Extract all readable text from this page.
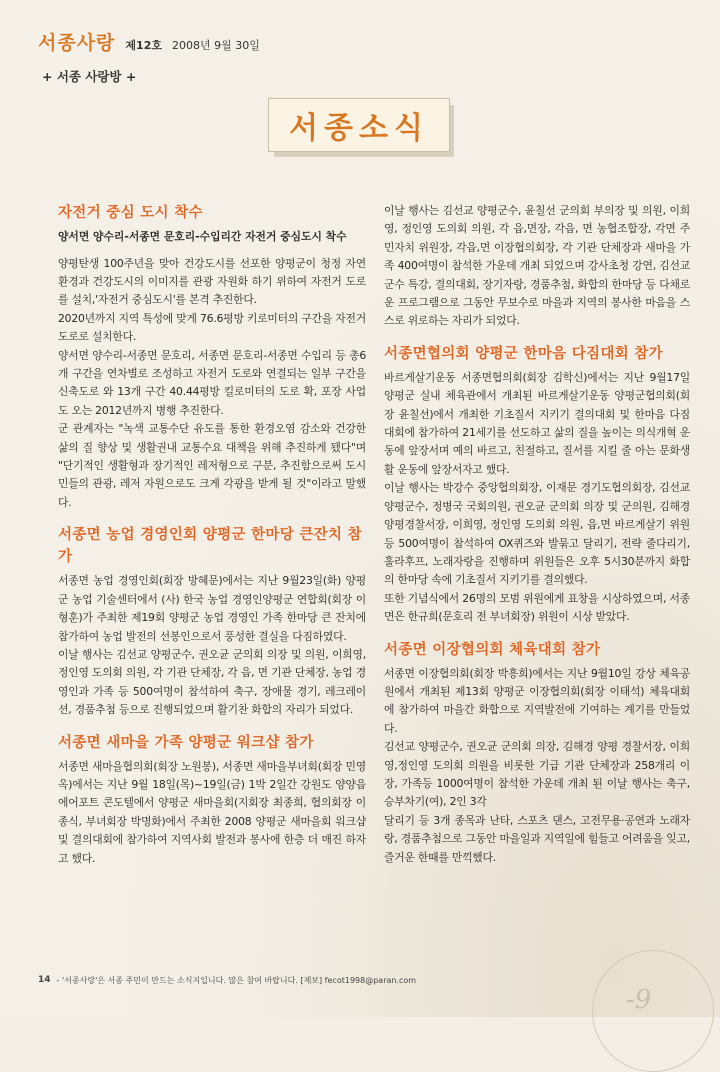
서종사랑 제12호 2008년 9월 30일
+ 서종 사랑방 +
서종소식
자전거 중심 도시 착수

양서면 양수리-서종면 문호리-수입리간 자전거 중심도시 착수

양평탄생 100주년을 맞아 건강도시를 선포한 양평군이 청정 자연환경과 건강도시의 이미지를 관광 자원화 하기 위하여 자전거 도로를 설치,'자전거 중심도시'를 본격 추진한다.

2020년까지 지역 특성에 맞게 76.6평방 키로미터의 구간을 자전거 도로로 설치한다.

양서면 양수리-서종면 문호리, 서종면 문호리-서종면 수입리 등 총6개 구간을 연차별로 조성하고 자전거 도로와 연결되는 일부 구간을 신축도로 와 13개 구간 40.44평방 킬로미터의 도로 확, 포장 사업도 오는 2012년까지 병행 추진한다.

군 관계자는 "녹색 교통수단 유도를 통한 환경오염 감소와 건강한 삶의 질 향상 및 생활권내 교통수요 대책을 위해 추진하게 됐다"며 "단기적인 생활형과 장기적인 레저형으로 구분, 추진함으로써 도시민들의 관광, 레저 자원으로도 크게 각광을 받게 될 것"이라고 말했다.

서종면 농업 경영인회 양평군 한마당 큰잔치 참가

서종면 농업 경영인회(회장 방혜문)에서는 지난 9월23일(화) 양평군 농업 기술센터에서 (사) 한국 농업 경영인양평군 연합회(회장 이형훈)가 주최한 제19회 양평군 농업 경영인 가족 한마당 큰 잔치에 참가하여 농업 발전의 선봉인으로서 풍성한 결실을 다짐하였다.

이날 행사는 김선교 양평군수, 권오균 군의회 의장 및 의원, 이희영, 정인영 도의회 의원, 각 기관 단체장, 각 읍, 면 기관 단체장, 농업 경영인과 가족 등 500여명이 참석하여 축구, 장애물 경기, 레크레이션, 경품추첨 등으로 진행되었으며 활기찬 화합의 자리가 되었다.

서종면 새마을 가족 양평군 워크샵 참가

서종면 새마을협의회(회장 노원봉), 서종면 새마을부녀회(회장 민영옥)에서는 지난 9월 18일(목)~19일(금) 1박 2일간 강원도 양양읍 에어포트 콘도텔에서 양평군 새마을회(지회장 최종희, 협의회장 이종식, 부녀회장 박명화)에서 주최한 2008 양평군 새마을회 워크샵 및 결의대회에 참가하여 지역사회 발전과 봉사에 한층 더 매진 하자고 했다.

이날 행사는 김선교 양평군수, 윤칠선 군의회 부의장 및 의원, 이희영, 정인영 도의회 의원, 각 읍,면장, 각읍, 면 농협조합장, 각면 주민자치 위원장, 각읍,면 이장협의회장, 각 기관 단체장과 새마을 가족 400여명이 참석한 가운데 개최 되었으며 강사초청 강연, 김선교 군수 특강, 결의대회, 장기자랑, 경품추첨, 화합의 한마당 등 다채로운 프로그램으로 그동안 무보수로 마을과 지역의 봉사한 마음을 스스로 위로하는 자리가 되었다.

서종면협의회 양평군 한마음 다짐대회 참가

바르게살기운동 서종면협의회(회장 김학신)에서는 지난 9월17일 양평군 실내 체육관에서 개최된 바르게살기운동 양평군협의회(회장 윤칠선)에서 개최한 기초질서 지키기 결의대회 및 한마음 다짐대회에 참가하여 21세기를 선도하고 삶의 질을 높이는 의식개혁 운동에 앞장서며 예의 바르고, 친절하고, 질서를 지킬 줄 아는 문화생활 운동에 앞장서자고 했다.

이날 행사는 박강수 중앙협의회장, 이재문 경기도협의회장, 김선교 양평군수, 정병국 국회의원, 권오균 군의회 의장 및 군의원, 김해경 양평경찰서장, 이희영, 정인영 도의회 의원, 읍,면 바르게살기 위원등 500여명이 참석하여 OX퀴즈와 발묶고 달리기, 전략 줄다리기, 훌라후프, 노래자랑을 진행하며 위원들은 오후 5시30분까지 화합의 한마당 속에 기초질서 지키기를 결의했다.

또한 기념식에서 26명의 모범 위원에게 표창을 시상하였으며, 서종면은 한규희(문호리 전 부녀회장) 위원이 시상 받았다.

서종면 이장협의회 체육대회 참가

서종면 이장협의회(회장 박흥희)에서는 지난 9월10일 강상 체육공원에서 개최된 제13회 양평군 이장협의회(회장 이태석) 체육대회에 참가하여 마을간 화합으로 지역발전에 기여하는 계기를 만들었다.

김선교 양평군수, 권오균 군의회 의장, 김해경 양평 경찰서장, 이희영,정인영 도의회 의원을 비롯한 기급 기관 단체장과 258개리 이장, 가족등 1000여명이 참석한 가운데 개최 된 이날 행사는 축구, 승부차기(여), 2인 3각

달리기 등 3개 종목과 난타, 스포츠 댄스, 고전무용·공연과 노래자랑, 경품추첨으로 그동안 마을일과 지역일에 힘들고 어려움을 잊고, 즐거운 한때를 만끽했다.

14 - '서종사랑'은 서종 주민이 만드는 소식지입니다. 많은 참여 바랍니다. [제보] fecot1998@paran.com
-9
